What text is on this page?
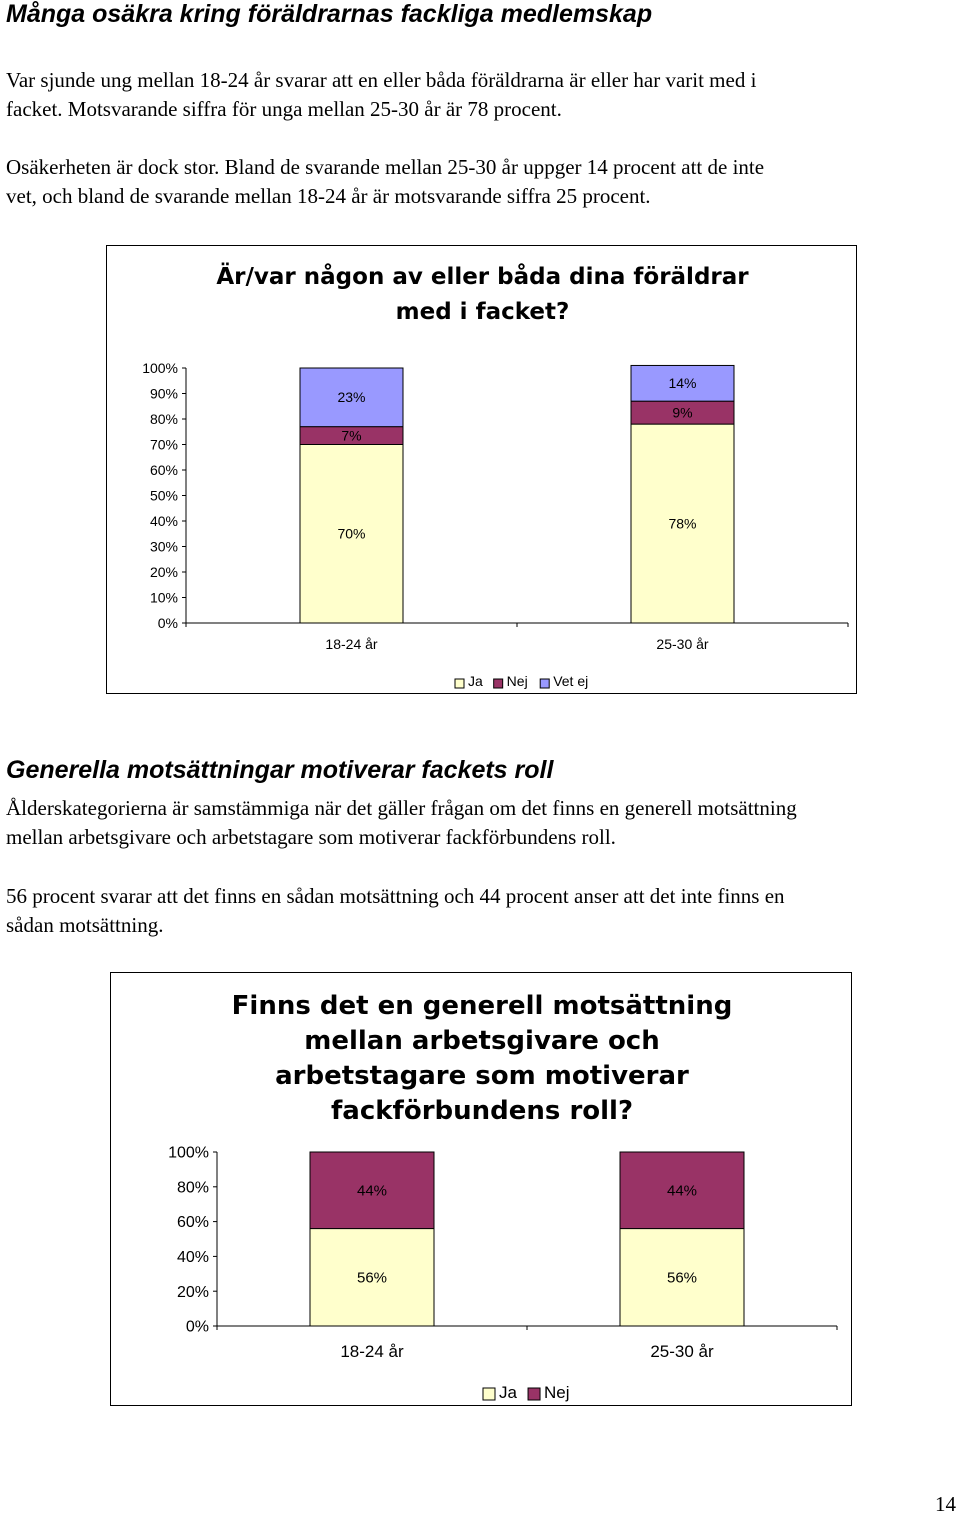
Många osäkra kring föräldrarnas fackliga medlemskap
Var sjunde ung mellan 18-24 år svarar att en eller båda föräldrarna är eller har varit med i
facket. Motsvarande siffra för unga mellan 25-30 år är 78 procent.
Osäkerheten är dock stor. Bland de svarande mellan 25-30 år uppger 14 procent att de inte
vet, och bland de svarande mellan 18-24 år är motsvarande siffra 25 procent.
Är/var någon av eller båda dina föräldrar
med i facket?
0%
10%
20%
30%
40%
50%
60%
70%
80%
90%
100%
70%
7%
23%
18-24 år
78%
9%
14%
25-30 år
Ja Nej Vet ej
Generella motsättningar motiverar fackets roll
Ålderskategorierna är samstämmiga när det gäller frågan om det finns en generell motsättning
mellan arbetsgivare och arbetstagare som motiverar fackförbundens roll.
56 procent svarar att det finns en sådan motsättning och 44 procent anser att det inte finns en
sådan motsättning.
Finns det en generell motsättning
mellan arbetsgivare och
arbetstagare som motiverar
fackförbundens roll?
0%
20%
40%
60%
80%
100%
56%
44%
18-24 år
56%
44%
25-30 år
Ja Nej
14
